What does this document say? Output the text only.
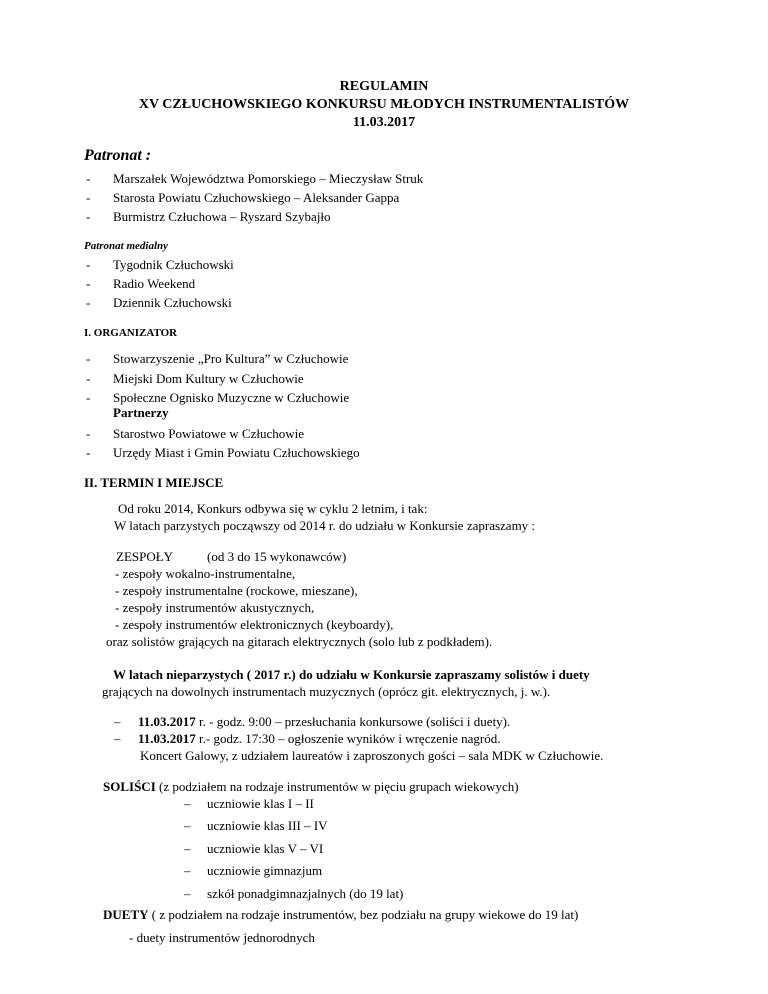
REGULAMIN
XV CZŁUCHOWSKIEGO KONKURSU MŁODYCH INSTRUMENTALISTÓW
11.03.2017
Patronat :
- Marszałek Województwa Pomorskiego – Mieczysław Struk
- Starosta Powiatu Człuchowskiego – Aleksander Gappa
- Burmistrz Człuchowa – Ryszard Szybajło
Patronat medialny
- Tygodnik Człuchowski
- Radio Weekend
- Dziennik Człuchowski
I. ORGANIZATOR
- Stowarzyszenie „Pro Kultura” w Człuchowie
- Miejski Dom Kultury w Człuchowie
- Społeczne Ognisko Muzyczne w Człuchowie
Partnerzy
- Starostwo Powiatowe w Człuchowie
- Urzędy Miast i Gmin Powiatu Człuchowskiego
II. TERMIN I MIEJSCE
Od roku 2014, Konkurs odbywa się w cyklu 2 letnim, i tak:
W latach parzystych począwszy od 2014 r. do udziału w Konkursie zapraszamy :
ZESPOŁY	(od 3 do 15 wykonawców)
- zespoły wokalno-instrumentalne,
- zespoły instrumentalne (rockowe, mieszane),
- zespoły instrumentów akustycznych,
- zespoły instrumentów elektronicznych (keyboardy),
oraz solistów grających na gitarach elektrycznych (solo lub z podkładem).
W latach nieparzystych ( 2017 r.) do udziału w Konkursie zapraszamy solistów i duety
grających na dowolnych instrumentach muzycznych (oprócz git. elektrycznych, j. w.).
– 11.03.2017 r. - godz. 9:00 – przesłuchania konkursowe (soliści i duety).
– 11.03.2017 r.- godz. 17:30 – ogłoszenie wyników i wręczenie nagród.
Koncert Galowy, z udziałem laureatów i zaproszonych gości – sala MDK w Człuchowie.
SOLIŚCI (z podziałem na rodzaje instrumentów w pięciu grupach wiekowych)
– uczniowie klas I – II
– uczniowie klas III – IV
– uczniowie klas V – VI
– uczniowie gimnazjum
– szkół ponadgimnazjalnych (do 19 lat)
DUETY ( z podziałem na rodzaje instrumentów, bez podziału na grupy wiekowe do 19 lat)
- duety instrumentów jednorodnych
